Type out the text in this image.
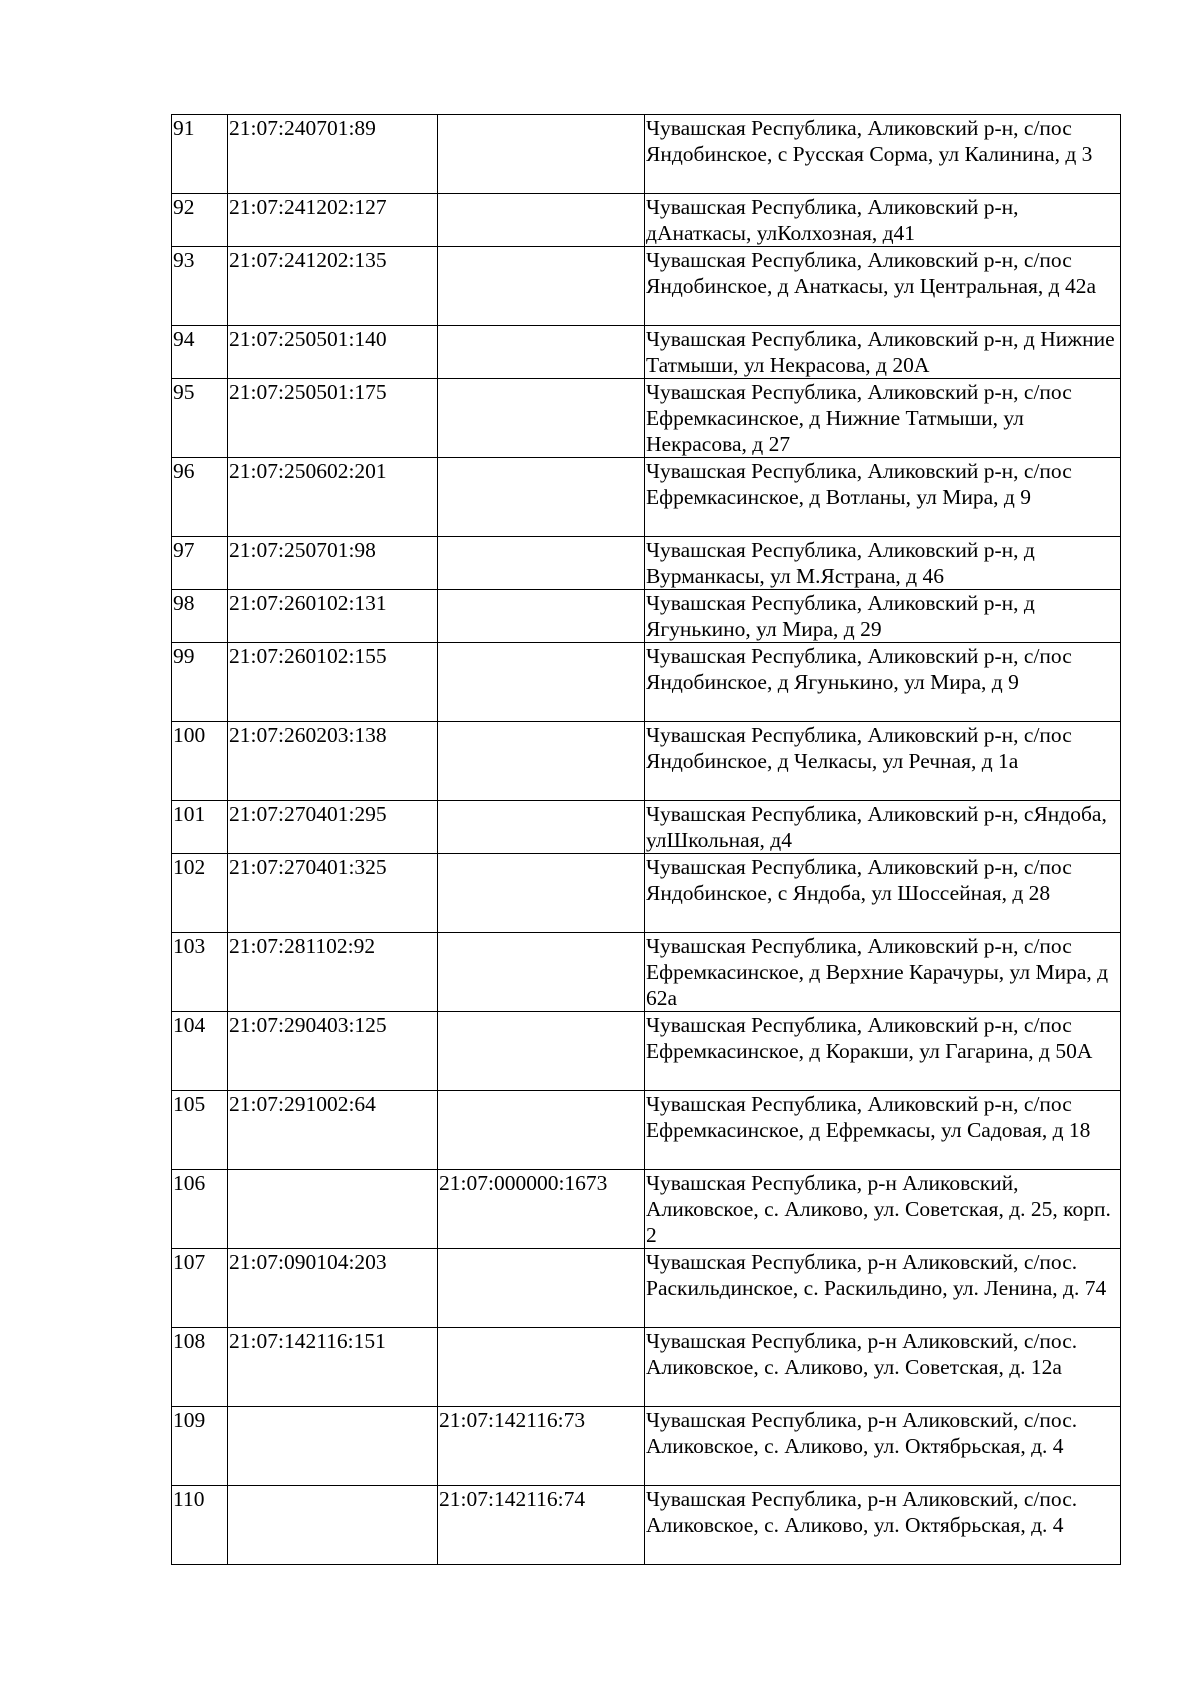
91	21:07:240701:89		Чувашская Республика, Аликовский р-н, с/пос Яндобинское, с Русская Сорма, ул Калинина, д 3
92	21:07:241202:127		Чувашская Республика, Аликовский р-н, дАнаткасы, улКолхозная, д41
93	21:07:241202:135		Чувашская Республика, Аликовский р-н, с/пос Яндобинское, д Анаткасы, ул Центральная, д 42а
94	21:07:250501:140		Чувашская Республика, Аликовский р-н, д Нижние Татмыши, ул Некрасова, д 20А
95	21:07:250501:175		Чувашская Республика, Аликовский р-н, с/пос Ефремкасинское, д Нижние Татмыши, ул Некрасова, д 27
96	21:07:250602:201		Чувашская Республика, Аликовский р-н, с/пос Ефремкасинское, д Вотланы, ул Мира, д 9
97	21:07:250701:98		Чувашская Республика, Аликовский р-н, д Вурманкасы, ул М.Ястрана, д 46
98	21:07:260102:131		Чувашская Республика, Аликовский р-н, д Ягунькино, ул Мира, д 29
99	21:07:260102:155		Чувашская Республика, Аликовский р-н, с/пос Яндобинское, д Ягунькино, ул Мира, д 9
100	21:07:260203:138		Чувашская Республика, Аликовский р-н, с/пос Яндобинское, д Челкасы, ул Речная, д 1а
101	21:07:270401:295		Чувашская Республика, Аликовский р-н, сЯндоба, улШкольная, д4
102	21:07:270401:325		Чувашская Республика, Аликовский р-н, с/пос Яндобинское, с Яндоба, ул Шоссейная, д 28
103	21:07:281102:92		Чувашская Республика, Аликовский р-н, с/пос Ефремкасинское, д Верхние Карачуры, ул Мира, д 62а
104	21:07:290403:125		Чувашская Республика, Аликовский р-н, с/пос Ефремкасинское, д Коракши, ул Гагарина, д 50А
105	21:07:291002:64		Чувашская Республика, Аликовский р-н, с/пос Ефремкасинское, д Ефремкасы, ул Садовая, д 18
106		21:07:000000:1673	Чувашская Республика, р-н Аликовский, Аликовское, с. Аликово, ул. Советская, д. 25, корп. 2
107	21:07:090104:203		Чувашская Республика, р-н Аликовский, с/пос. Раскильдинское, с. Раскильдино, ул. Ленина, д. 74
108	21:07:142116:151		Чувашская Республика, р-н Аликовский, с/пос. Аликовское, с. Аликово, ул. Советская, д. 12а
109		21:07:142116:73	Чувашская Республика, р-н Аликовский, с/пос. Аликовское, с. Аликово, ул. Октябрьская, д. 4
110		21:07:142116:74	Чувашская Республика, р-н Аликовский, с/пос. Аликовское, с. Аликово, ул. Октябрьская, д. 4
